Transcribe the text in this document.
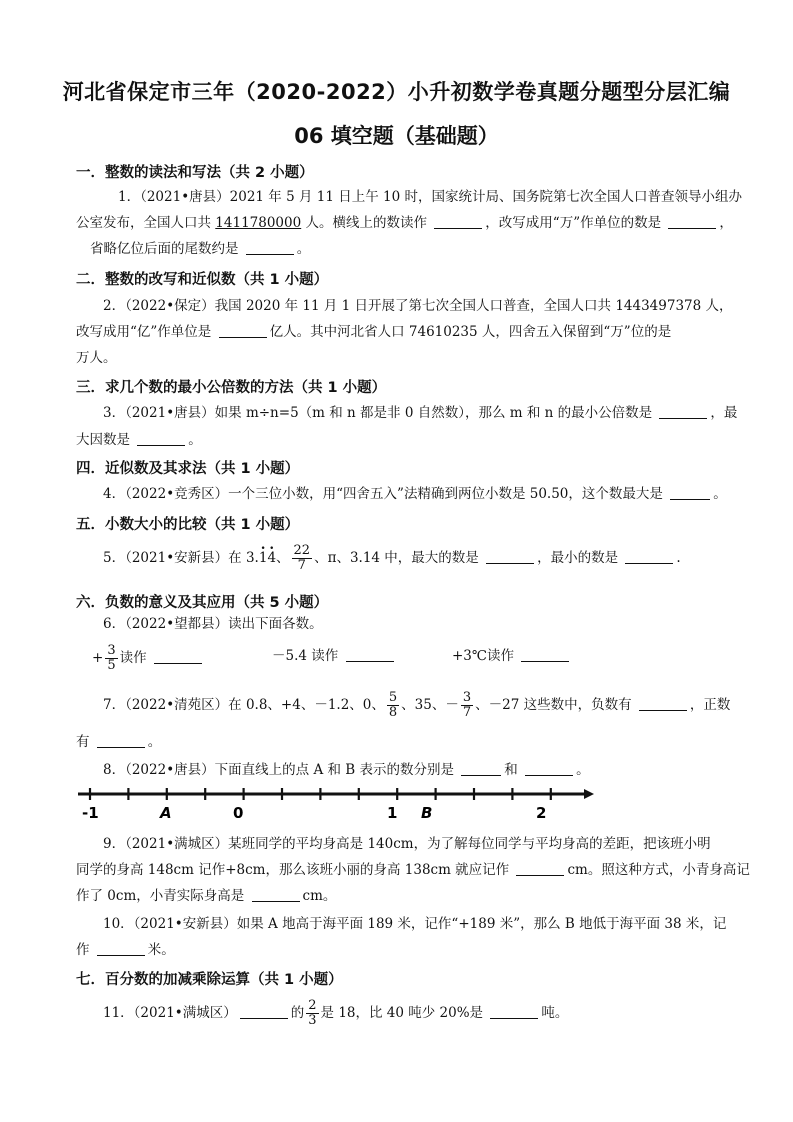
河北省保定市三年（2020-2022）小升初数学卷真题分题型分层汇编
06 填空题（基础题）
一．整数的读法和写法（共 2 小题）
1．（2021•唐县）2021 年 5 月 11 日上午 10 时，国家统计局、国务院第七次全国人口普查领导小组办
公室发布，全国人口共 1411780000 人。横线上的数读作	，改写成用“万”作单位的数是	，
省略亿位后面的尾数约是	。
二．整数的改写和近似数（共 1 小题）
2．（2022•保定）我国 2020 年 11 月 1 日开展了第七次全国人口普查，全国人口共 1443497378 人，
改写成用“亿”作单位是	亿人。其中河北省人口 74610235 人，四舍五入保留到“万”位的是
万人。
三．求几个数的最小公倍数的方法（共 1 小题）
3．（2021•唐县）如果 m÷n=5（m 和 n 都是非 0 自然数），那么 m 和 n 的最小公倍数是	，最
大因数是	。
四．近似数及其求法（共 1 小题）
4．（2022•竞秀区）一个三位小数，用“四舍五入”法精确到两位小数是 50.50，这个数最大是	。
五．小数大小的比较（共 1 小题）
5．（2021•安新县）在 3.. 1. 4、 $\frac{22}{7}$ 、π、3.14 中，最大的数是	，最小的数是	.
六．负数的意义及其应用（共 5 小题）
6．（2022•望都县）读出下面各数。
+ $\frac{3}{5}$ 读作	－5.4 读作	+3℃读作
7．（2022•清苑区）在 0.8、+4、－1.2、0、 $\frac{5}{8}$ 、35、－ $\frac{3}{7}$ 、－27 这些数中，负数有	，正数
有	。
8．（2022•唐县）下面直线上的点 A 和 B 表示的数分别是	和	。
-1	A	0	1 B	2
9．（2021•满城区）某班同学的平均身高是 140cm，为了解每位同学与平均身高的差距，把该班小明
同学的身高 148cm 记作+8cm，那么该班小丽的身高 138cm 就应记作	cm。照这种方式，小青身高记
作了 0cm，小青实际身高是	cm。
10．（2021•安新县）如果 A 地高于海平面 189 米，记作“+189 米”，那么 B 地低于海平面 38 米，记
作	米。
七．百分数的加减乘除运算（共 1 小题）
11．（2021•满城区）	的 $\frac{2}{3}$ 是 18，比 40 吨少 20%是	吨。
